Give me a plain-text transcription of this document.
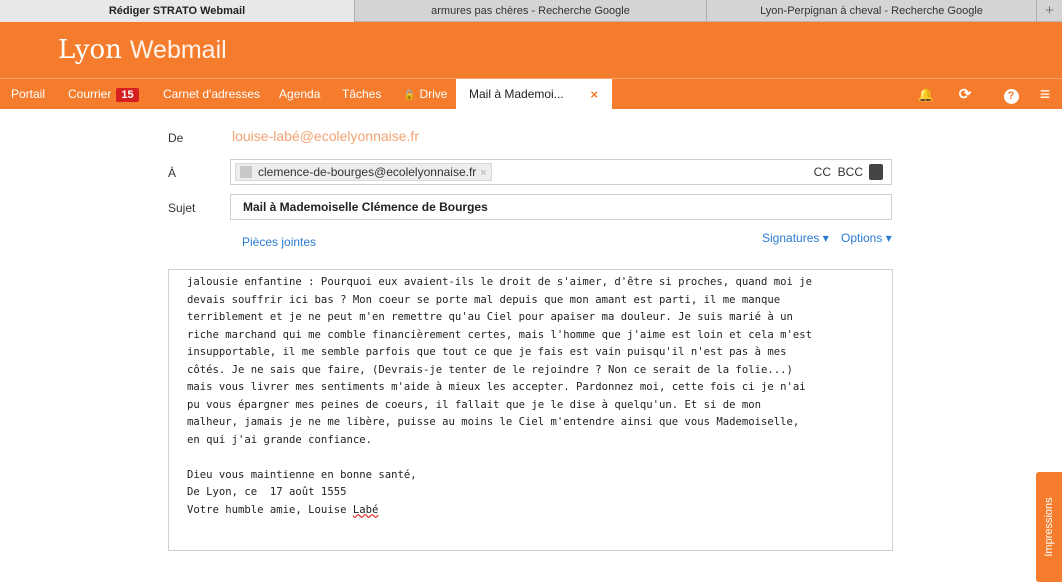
Rédiger STRATO Webmail	armures pas chères - Recherche Google	Lyon-Perpignan à cheval - Recherche Google	+
Lyon Webmail
Portail Courrier 15	Carnet d'adresses Agenda Tâches 🔒 Drive	Mail à Mademoi... ×	🔔 ⟳	?	≡
De	louise-labé@ecolelyonnaise.fr
À	clemence-de-bourges@ecolelyonnaise.fr ×	CC BCC
Sujet	Mail à Mademoiselle Clémence de Bourges
Pièces jointes	Signatures ▾ Options ▾
jalousie enfantine : Pourquoi eux avaient-ils le droit de s'aimer, d'être si proches, quand moi je
devais souffrir ici bas ? Mon coeur se porte mal depuis que mon amant est parti, il me manque
terriblement et je ne peut m'en remettre qu'au Ciel pour apaiser ma douleur. Je suis marié à un
riche marchand qui me comble financièrement certes, mais l'homme que j'aime est loin et cela m'est
insupportable, il me semble parfois que tout ce que je fais est vain puisqu'il n'est pas à mes
côtés. Je ne sais que faire, (Devrais-je tenter de le rejoindre ? Non ce serait de la folie...)
mais vous livrer mes sentiments m'aide à mieux les accepter. Pardonnez moi, cette fois ci je n'ai
pu vous épargner mes peines de coeurs, il fallait que je le dise à quelqu'un. Et si de mon
malheur, jamais je ne me libère, puisse au moins le Ciel m'entendre ainsi que vous Mademoiselle,
en qui j'ai grande confiance.
Dieu vous maintienne en bonne santé,
De Lyon, ce  17 août 1555
Votre humble amie, Louise Labé	Impressions
